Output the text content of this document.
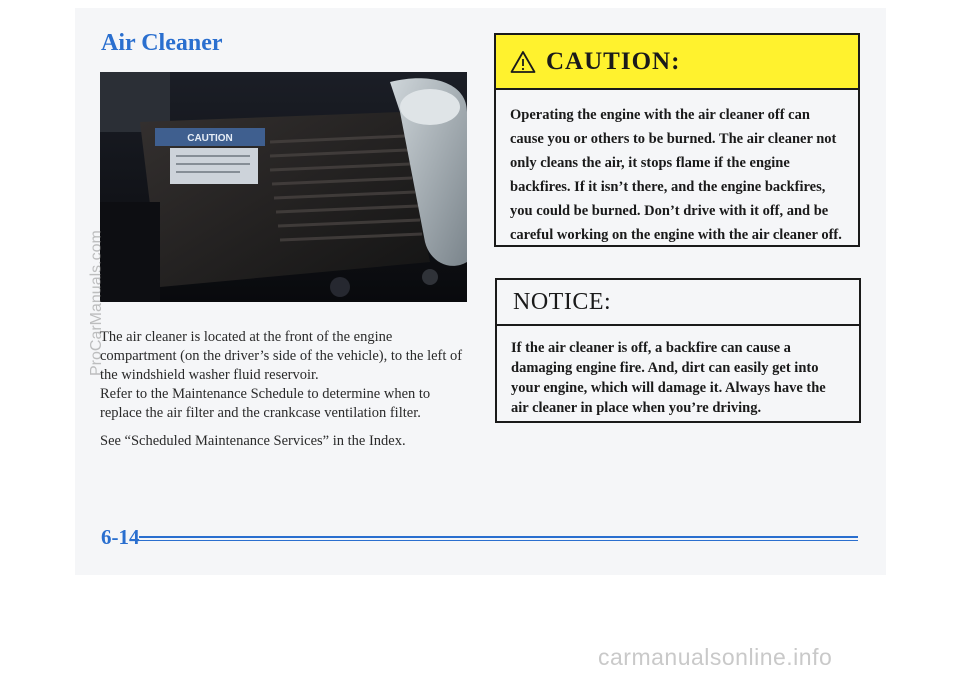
Air Cleaner
CAUTION

The air cleaner is located at the front of the engine compartment (on the driver’s side of the vehicle), to the left of the windshield washer fluid reservoir.

Refer to the Maintenance Schedule to determine when to replace the air filter and the crankcase ventilation filter.

See “Scheduled Maintenance Services” in the Index.

ProCarManuals.com
CAUTION:

Operating the engine with the air cleaner off can cause you or others to be burned. The air cleaner not only cleans the air, it stops flame if the engine backfires. If it isn’t there, and the engine backfires, you could be burned. Don’t drive with it off, and be careful working on the engine with the air cleaner off.

NOTICE:

If the air cleaner is off, a backfire can cause a damaging engine fire. And, dirt can easily get into your engine, which will damage it. Always have the air cleaner in place when you’re driving.

6-14
carmanualsonline.info
